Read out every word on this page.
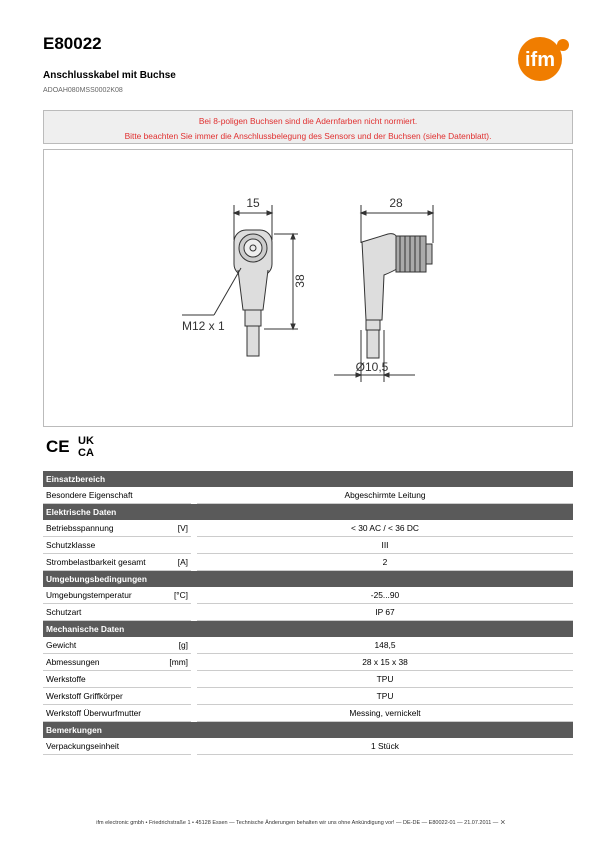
E80022
Anschlusskabel mit Buchse
ADOAH080MSS0002K08
ifm
Bei 8-poligen Buchsen sind die Adernfarben nicht normiert.
Bitte beachten Sie immer die Anschlussbelegung des Sensors und der Buchsen (siehe Datenblatt).
15
38
M12 x 1
28
Ø10,5
CE UK
CA
Einsatzbereich		
Besondere Eigenschaft		Abgeschirmte Leitung
Elektrische Daten		
Betriebsspannung [V]		< 30 AC / < 36 DC
Schutzklasse		III
Strombelastbarkeit gesamt [A]		2
Umgebungsbedingungen		
Umgebungstemperatur [°C]		-25...90
Schutzart		IP 67
Mechanische Daten		
Gewicht [g]		148,5
Abmessungen [mm]		28 x 15 x 38
Werkstoffe		TPU
Werkstoff Griffkörper		TPU
Werkstoff Überwurfmutter		Messing, vernickelt
Bemerkungen		
Verpackungseinheit		1 Stück
ifm electronic gmbh • Friedrichstraße 1 • 45128 Essen — Technische Änderungen behalten wir uns ohne Ankündigung vor! — DE-DE — E80022-01 — 21.07.2011 — ⨯
